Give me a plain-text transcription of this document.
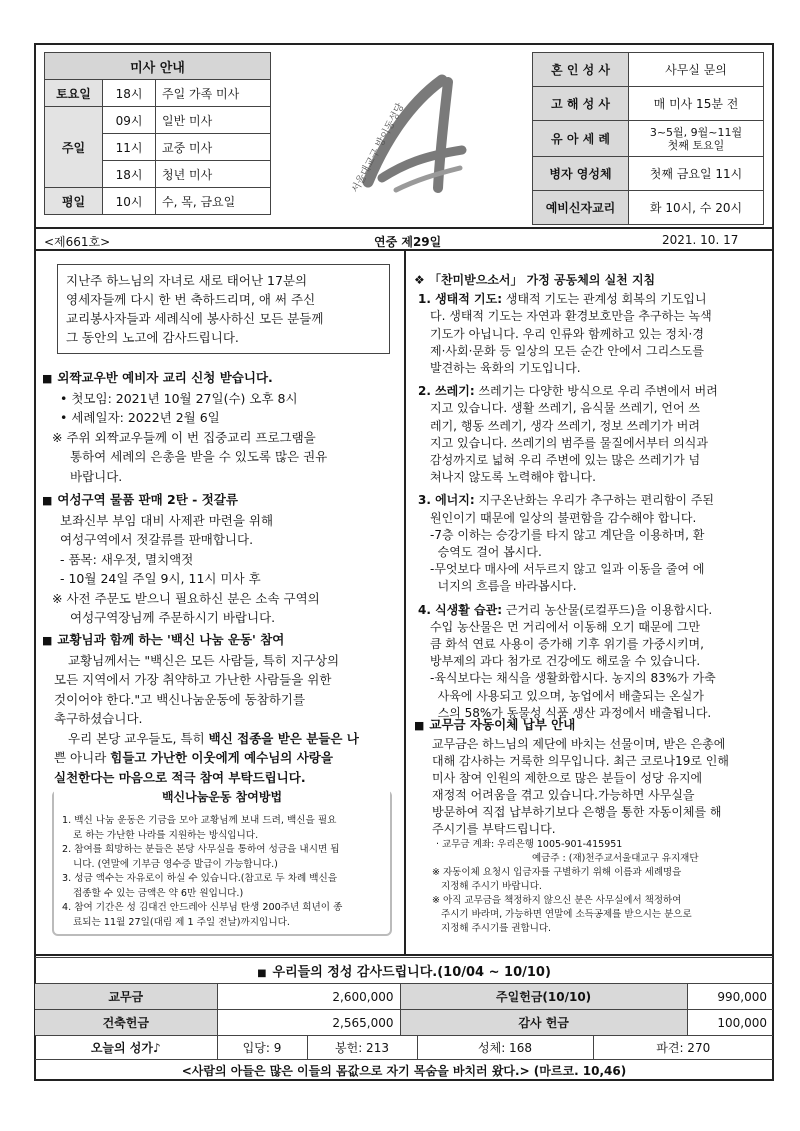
미사 안내		
토요일	18시	주일 가족 미사
주일	09시	일반 미사
	11시	교중 미사
	18시	청년 미사
평일	10시	수, 목, 금요일
서울대교구 방이동성당
혼 인 성 사	사무실 문의
고 해 성 사	매 미사 15분 전
유 아 세 례	3~5월, 9월~11월
첫째 토요일

병자 영성체	첫째 금요일 11시
예비신자교리	화 10시, 수 20시
<제661호>	연중 제29일	2021. 10. 17
지난주 하느님의 자녀로 새로 태어난 17분의
영세자들께 다시 한 번 축하드리며, 애 써 주신
교리봉사자들과 세례식에 봉사하신 모든 분들께
그 동안의 노고에 감사드립니다.
■ 외짝교우반 예비자 교리 신청 받습니다.
• 첫모임: 2021년 10월 27일(수) 오후 8시
• 세례일자: 2022년 2월 6일
※ 주위 외짝교우들께 이 번 집중교리 프로그램을
통하여 세례의 은총을 받을 수 있도록 많은 권유
바랍니다.
■ 여성구역 물품 판매 2탄 - 젓갈류
보좌신부 부임 대비 사제관 마련을 위해
여성구역에서 젓갈류를 판매합니다.
- 품목: 새우젓, 멸치액젓
- 10월 24일 주일 9시, 11시 미사 후
※ 사전 주문도 받으니 필요하신 분은 소속 구역의
여성구역장님께 주문하시기 바랍니다.
■ 교황님과 함께 하는 '백신 나눔 운동' 참여
교황님께서는 "백신은 모든 사람들, 특히 지구상의
모든 지역에서 가장 취약하고 가난한 사람들을 위한
것이어야 한다."고 백신나눔운동에 동참하기를
촉구하셨습니다.
우리 본당 교우들도, 특히 백신 접종을 받은 분들은 나
쁜 아니라 힘들고 가난한 이웃에게 예수님의 사랑을
실천한다는 마음으로 적극 참여 부탁드립니다.
백신나눔운동 참여방법
1. 백신 나눔 운동은 기금을 모아 교황님께 보내 드려, 백신을 필요
로 하는 가난한 나라를 지원하는 방식입니다.
2. 참여를 희망하는 분들은 본당 사무실을 통하여 성금을 내시면 됩
니다. (연말에 기부금 영수증 발급이 가능합니다.)
3. 성금 액수는 자유로이 하실 수 있습니다.(참고로 두 차례 백신을
접종할 수 있는 금액은 약 6만 원입니다.)
4. 참여 기간은 성 김대건 안드레아 신부님 탄생 200주년 희년이 종
료되는 11월 27일(대림 제 1 주일 전날)까지입니다.
❖ 「찬미받으소서」 가정 공동체의 실천 지침
1. 생태적 기도: 생태적 기도는 관계성 회복의 기도입니
다. 생태적 기도는 자연과 환경보호만을 추구하는 녹색
기도가 아닙니다. 우리 인류와 함께하고 있는 정치·경
제·사회·문화 등 일상의 모든 순간 안에서 그리스도를
발견하는 육화의 기도입니다.
2. 쓰레기: 쓰레기는 다양한 방식으로 우리 주변에서 버려
지고 있습니다. 생활 쓰레기, 음식물 쓰레기, 언어 쓰
레기, 행동 쓰레기, 생각 쓰레기, 정보 쓰레기가 버려
지고 있습니다. 쓰레기의 범주를 물질에서부터 의식과
감성까지로 넓혀 우리 주변에 있는 많은 쓰레기가 넘
쳐나지 않도록 노력해야 합니다.
3. 에너지: 지구온난화는 우리가 추구하는 편리함이 주된
원인이기 때문에 일상의 불편함을 감수해야 합니다.
-7층 이하는 승강기를 타지 않고 계단을 이용하며, 환
승역도 걸어 봅시다.
-무엇보다 매사에 서두르지 않고 일과 이동을 줄여 에
너지의 흐름을 바라봅시다.
4. 식생활 습관: 근거리 농산물(로컬푸드)을 이용합시다.
수입 농산물은 먼 거리에서 이동해 오기 때문에 그만
큼 화석 연료 사용이 증가해 기후 위기를 가중시키며,
방부제의 과다 첨가로 건강에도 해로울 수 있습니다.
-육식보다는 채식을 생활화합시다. 농지의 83%가 가축
사육에 사용되고 있으며, 농업에서 배출되는 온실가
스의 58%가 동물성 식품 생산 과정에서 배출됩니다.
■ 교무금 자동이체 납부 안내
교무금은 하느님의 제단에 바치는 선물이며, 받은 은총에
대해 감사하는 거룩한 의무입니다. 최근 코로나19로 인해
미사 참여 인원의 제한으로 많은 분들이 성당 유지에
재정적 어려움을 겪고 있습니다.가능하면 사무실을
방문하여 직접 납부하기보다 은행을 통한 자동이체를 해
주시기를 부탁드립니다.
· 교무금 계좌: 우리은행 1005-901-415951
예금주 : (재)천주교서울대교구 유지재단
※ 자동이체 요청시 입금자를 구별하기 위해 이름과 세례명을
지정해 주시기 바랍니다.
※ 아직 교무금을 책정하지 않으신 분은 사무실에서 책정하여
주시기 바라며, 가능하면 연말에 소득공제를 받으시는 분으로
지정해 주시기를 권합니다.
■ 우리들의 정성 감사드립니다.(10/04 ~ 10/10)			
교무금	2,600,000	주일헌금(10/10)	990,000
건축헌금	2,565,000	감사 헌금	100,000
오늘의 성가♪	입당: 9	봉헌: 213	성체: 168	파견: 270
<사람의 아들은 많은 이들의 몸값으로 자기 목숨을 바치러 왔다.> (마르코. 10,46)
